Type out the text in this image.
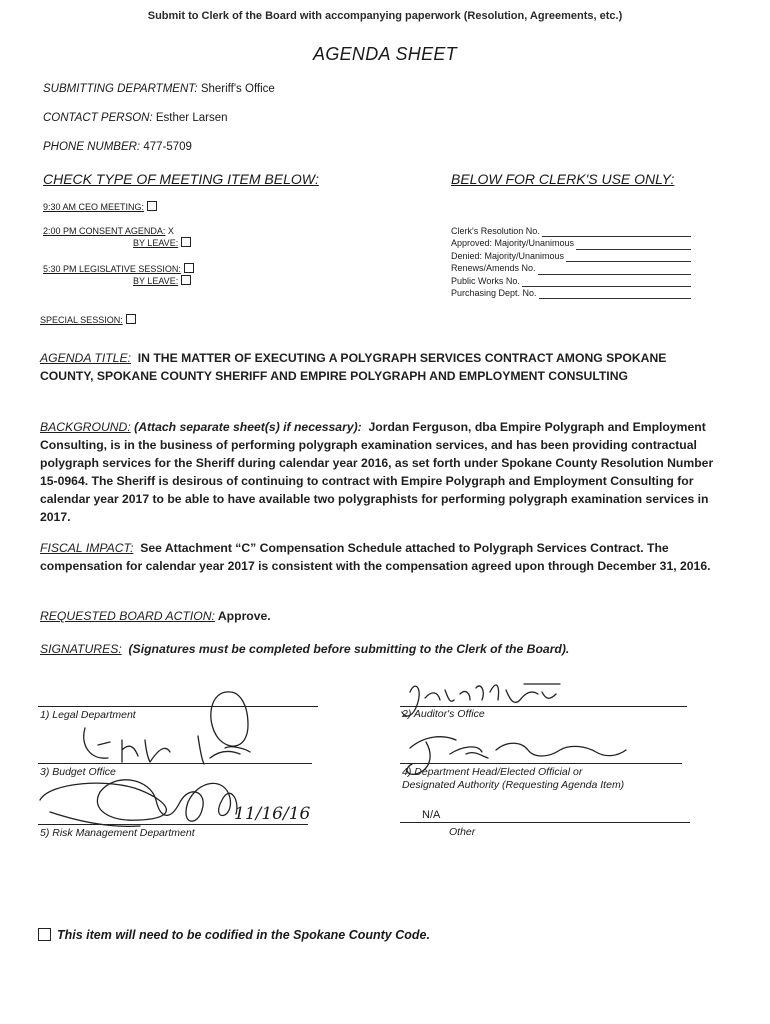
Submit to Clerk of the Board with accompanying paperwork (Resolution, Agreements, etc.)
AGENDA SHEET
SUBMITTING DEPARTMENT: Sheriff's Office
CONTACT PERSON: Esther Larsen
PHONE NUMBER: 477-5709
CHECK TYPE OF MEETING ITEM BELOW:	BELOW FOR CLERK'S USE ONLY:
9:30 AM CEO MEETING:
2:00 PM CONSENT AGENDA: X
BY LEAVE:
5:30 PM LEGISLATIVE SESSION:
BY LEAVE:
SPECIAL SESSION:
Clerk's Resolution No.
Approved: Majority/Unanimous
Denied: Majority/Unanimous
Renews/Amends No.
Public Works No.
Purchasing Dept. No.
AGENDA TITLE: IN THE MATTER OF EXECUTING A POLYGRAPH SERVICES CONTRACT AMONG SPOKANE COUNTY, SPOKANE COUNTY SHERIFF AND EMPIRE POLYGRAPH AND EMPLOYMENT CONSULTING
BACKGROUND: (Attach separate sheet(s) if necessary): Jordan Ferguson, dba Empire Polygraph and Employment Consulting, is in the business of performing polygraph examination services, and has been providing contractual polygraph services for the Sheriff during calendar year 2016, as set forth under Spokane County Resolution Number 15-0964. The Sheriff is desirous of continuing to contract with Empire Polygraph and Employment Consulting for calendar year 2017 to be able to have available two polygraphists for performing polygraph examination services in 2017.
FISCAL IMPACT: See Attachment “C” Compensation Schedule attached to Polygraph Services Contract. The compensation for calendar year 2017 is consistent with the compensation agreed upon through December 31, 2016.
REQUESTED BOARD ACTION: Approve.
SIGNATURES: (Signatures must be completed before submitting to the Clerk of the Board).
1) Legal Department	2) Auditor's Office
3) Budget Office	4) Department Head/Elected Official or
Designated Authority (Requesting Agenda Item)
5) Risk Management Department
11/16/16	N/A
Other
This item will need to be codified in the Spokane County Code.
